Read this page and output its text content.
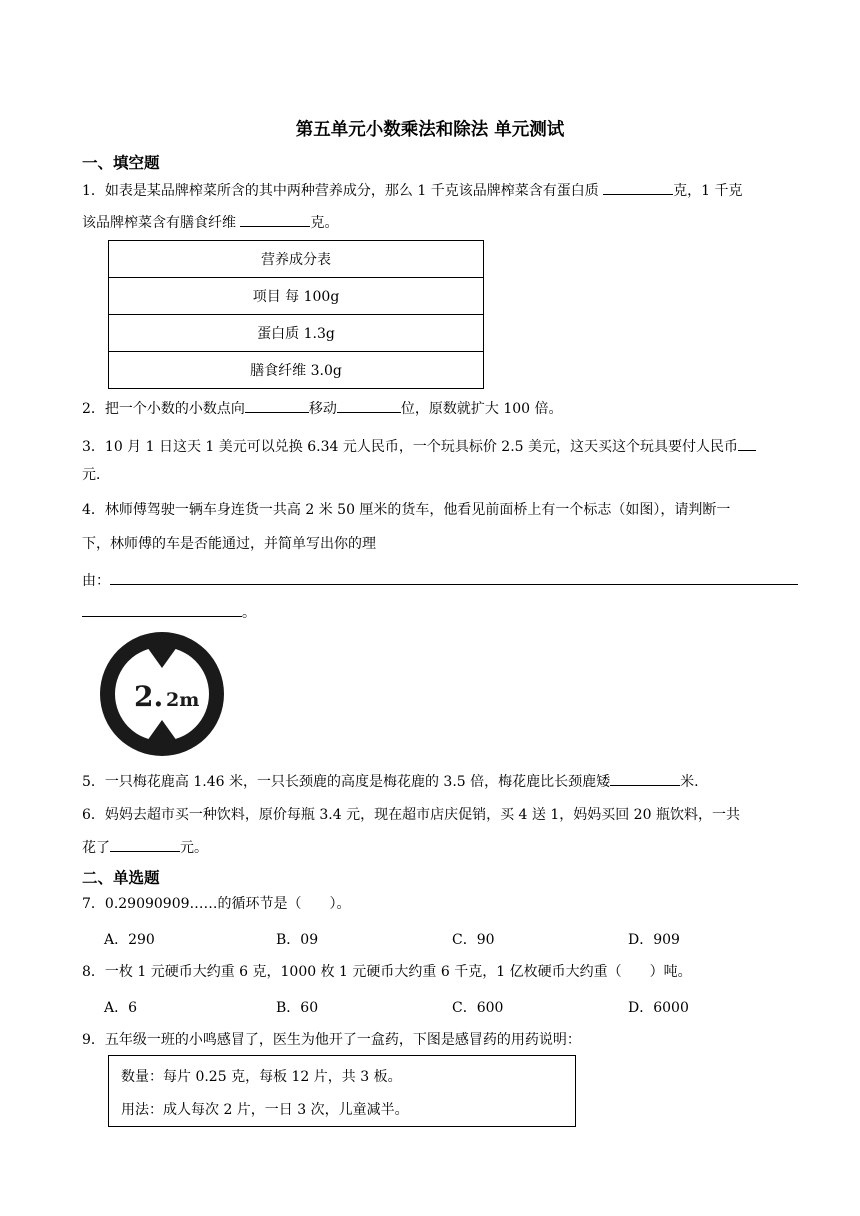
第五单元小数乘法和除法 单元测试
一、填空题
1．如表是某品牌榨菜所含的其中两种营养成分，那么 1 千克该品牌榨菜含有蛋白质	克，1 千克
该品牌榨菜含有膳食纤维	克。
营养成分表
项目 每 100g
蛋白质 1.3g
膳食纤维 3.0g
2．把一个小数的小数点向	移动	位，原数就扩大 100 倍。
3．10 月 1 日这天 1 美元可以兑换 6.34 元人民币，一个玩具标价 2.5 美元，这天买这个玩具要付人民币
元．
4．林师傅驾驶一辆车身连货一共高 2 米 50 厘米的货车，他看见前面桥上有一个标志（如图），请判断一
下，林师傅的车是否能通过，并简单写出你的理
由：
。
2. 2m
5．一只梅花鹿高 1.46 米，一只长颈鹿的高度是梅花鹿的 3.5 倍，梅花鹿比长颈鹿矮	米.
6．妈妈去超市买一种饮料，原价每瓶 3.4 元，现在超市店庆促销，买 4 送 1，妈妈买回 20 瓶饮料，一共
花了	元。
二、单选题
7．0.29090909……的循环节是（　　）。
A．290	B．09	C．90	D．909
8．一枚 1 元硬币大约重 6 克，1000 枚 1 元硬币大约重 6 千克，1 亿枚硬币大约重（　　）吨。
A．6	B．60	C．600	D．6000
9．五年级一班的小鸣感冒了，医生为他开了一盒药，下图是感冒药的用药说明：
数量：每片 0.25 克，每板 12 片，共 3 板。
用法：成人每次 2 片，一日 3 次，儿童减半。
